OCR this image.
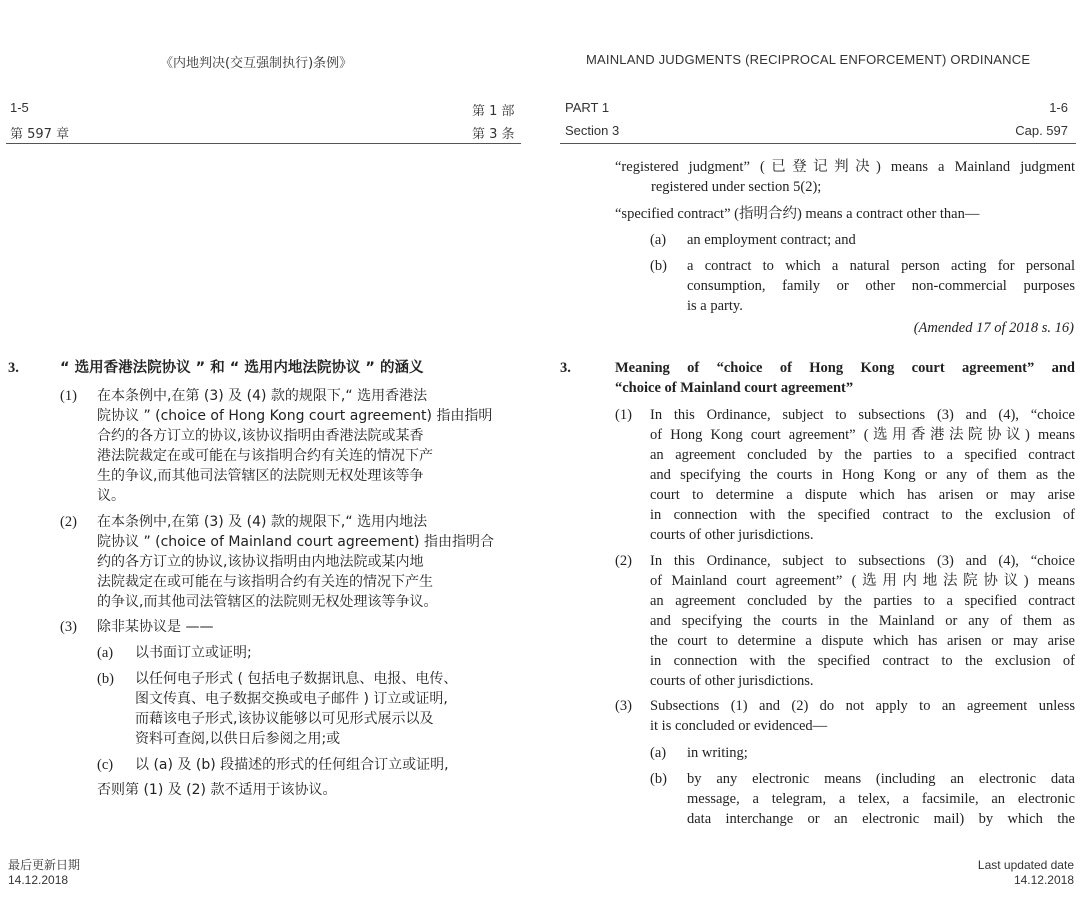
《内地判决(交互强制执行)条例》
1-5
第 597 章
第 1 部
第 3 条
3.	“ 选用香港法院协议 ” 和 “ 选用内地法院协议 ” 的涵义
(1) 在本条例中,在第 (3) 及 (4) 款的规限下,“ 选用香港法
院协议 ” (choice of Hong Kong court agreement) 指由指明
合约的各方订立的协议,该协议指明由香港法院或某香
港法院裁定在或可能在与该指明合约有关连的情况下产
生的争议,而其他司法管辖区的法院则无权处理该等争
议。
(2) 在本条例中,在第 (3) 及 (4) 款的规限下,“ 选用内地法
院协议 ” (choice of Mainland court agreement) 指由指明合
约的各方订立的协议,该协议指明由内地法院或某内地
法院裁定在或可能在与该指明合约有关连的情况下产生
的争议,而其他司法管辖区的法院则无权处理该等争议。
(3) 除非某协议是 ——
(a) 以书面订立或证明;
(b) 以任何电子形式 ( 包括电子数据讯息、电报、电传、
图文传真、电子数据交换或电子邮件 ) 订立或证明,
而藉该电子形式,该协议能够以可见形式展示以及
资料可查阅,以供日后参阅之用;或
(c) 以 (a) 及 (b) 段描述的形式的任何组合订立或证明,
否则第 (1) 及 (2) 款不适用于该协议。
最后更新日期
14.12.2018
MAINLAND JUDGMENTS (RECIPROCAL ENFORCEMENT) ORDINANCE
PART 1
Section 3
1-6
Cap. 597
“registered judgment” (已登记判决) means a Mainland judgment
registered under section 5(2);
“specified contract” (指明合约) means a contract other than—
(a) an employment contract; and
(b) a contract to which a natural person acting for personal
consumption, family or other non-commercial purposes
is a party.
(Amended 17 of 2018 s. 16)
3.	Meaning of “choice of Hong Kong court agreement” and
“choice of Mainland court agreement”
(1) In this Ordinance, subject to subsections (3) and (4), “choice
of Hong Kong court agreement” (选用香港法院协议) means
an agreement concluded by the parties to a specified contract
and specifying the courts in Hong Kong or any of them as the
court to determine a dispute which has arisen or may arise
in connection with the specified contract to the exclusion of
courts of other jurisdictions.
(2) In this Ordinance, subject to subsections (3) and (4), “choice
of Mainland court agreement” (选用内地法院协议) means
an agreement concluded by the parties to a specified contract
and specifying the courts in the Mainland or any of them as
the court to determine a dispute which has arisen or may arise
in connection with the specified contract to the exclusion of
courts of other jurisdictions.
(3) Subsections (1) and (2) do not apply to an agreement unless
it is concluded or evidenced—
(a) in writing;
(b) by any electronic means (including an electronic data
message, a telegram, a telex, a facsimile, an electronic
data interchange or an electronic mail) by which the
Last updated date
14.12.2018
